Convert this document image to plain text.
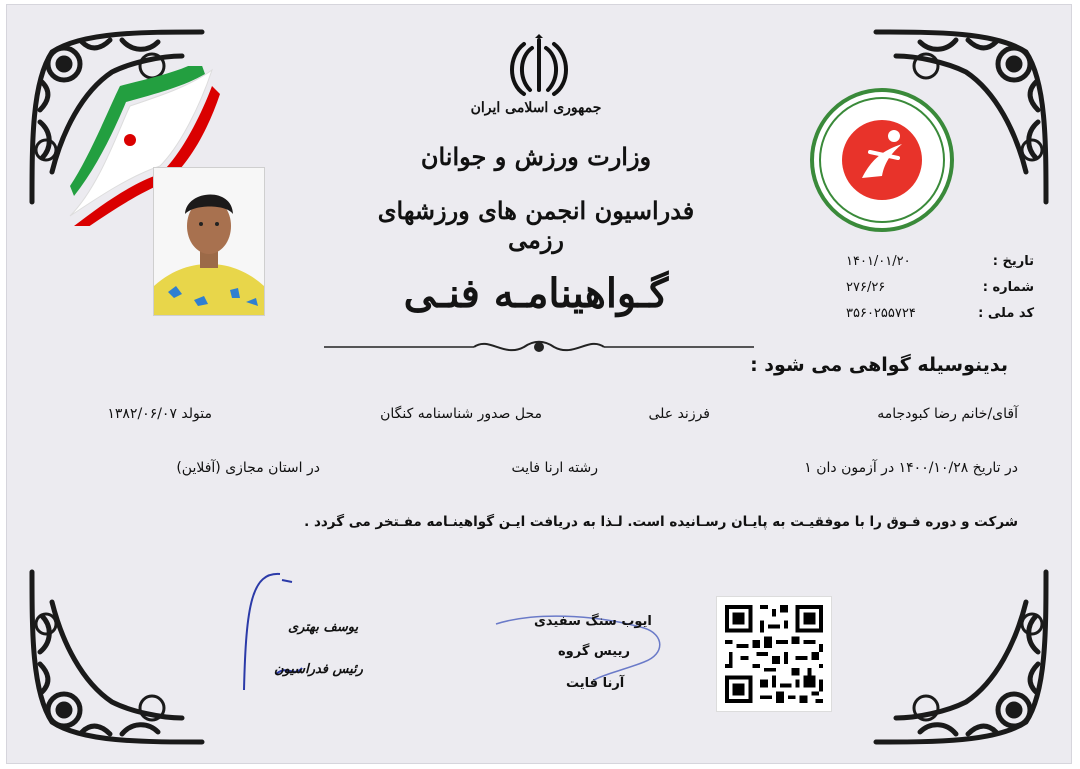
جمهوری اسلامی ایران
وزارت ورزش و جوانان
فدراسیون انجمن های ورزشهای رزمی
تاریخ :
۱۴۰۱/۰۱/۲۰
شماره :
۲۷۶/۲۶
کد ملی :
۳۵۶۰۲۵۵۷۲۴
گـواهینامـه فنـی
بدینوسیله گواهی می شود :
آقای/خانم رضا کبودجامه
فرزند علی
محل صدور شناسنامه کنگان
متولد ۱۳۸۲/۰۶/۰۷
در تاریخ ۱۴۰۰/۱۰/۲۸ در آزمون دان ۱
رشته ارنا فایت
در استان مجازی (آفلاین)
شرکت و دوره فـوق را با موفقیـت به پایـان رسـانیده است. لـذا به دریافت ایـن گواهینـامه مفـتخر می گردد .
یوسف بهتری
رئیس فدراسیون
ایوب سنگ سفیدی
رییس گروه
آرنا فایت
